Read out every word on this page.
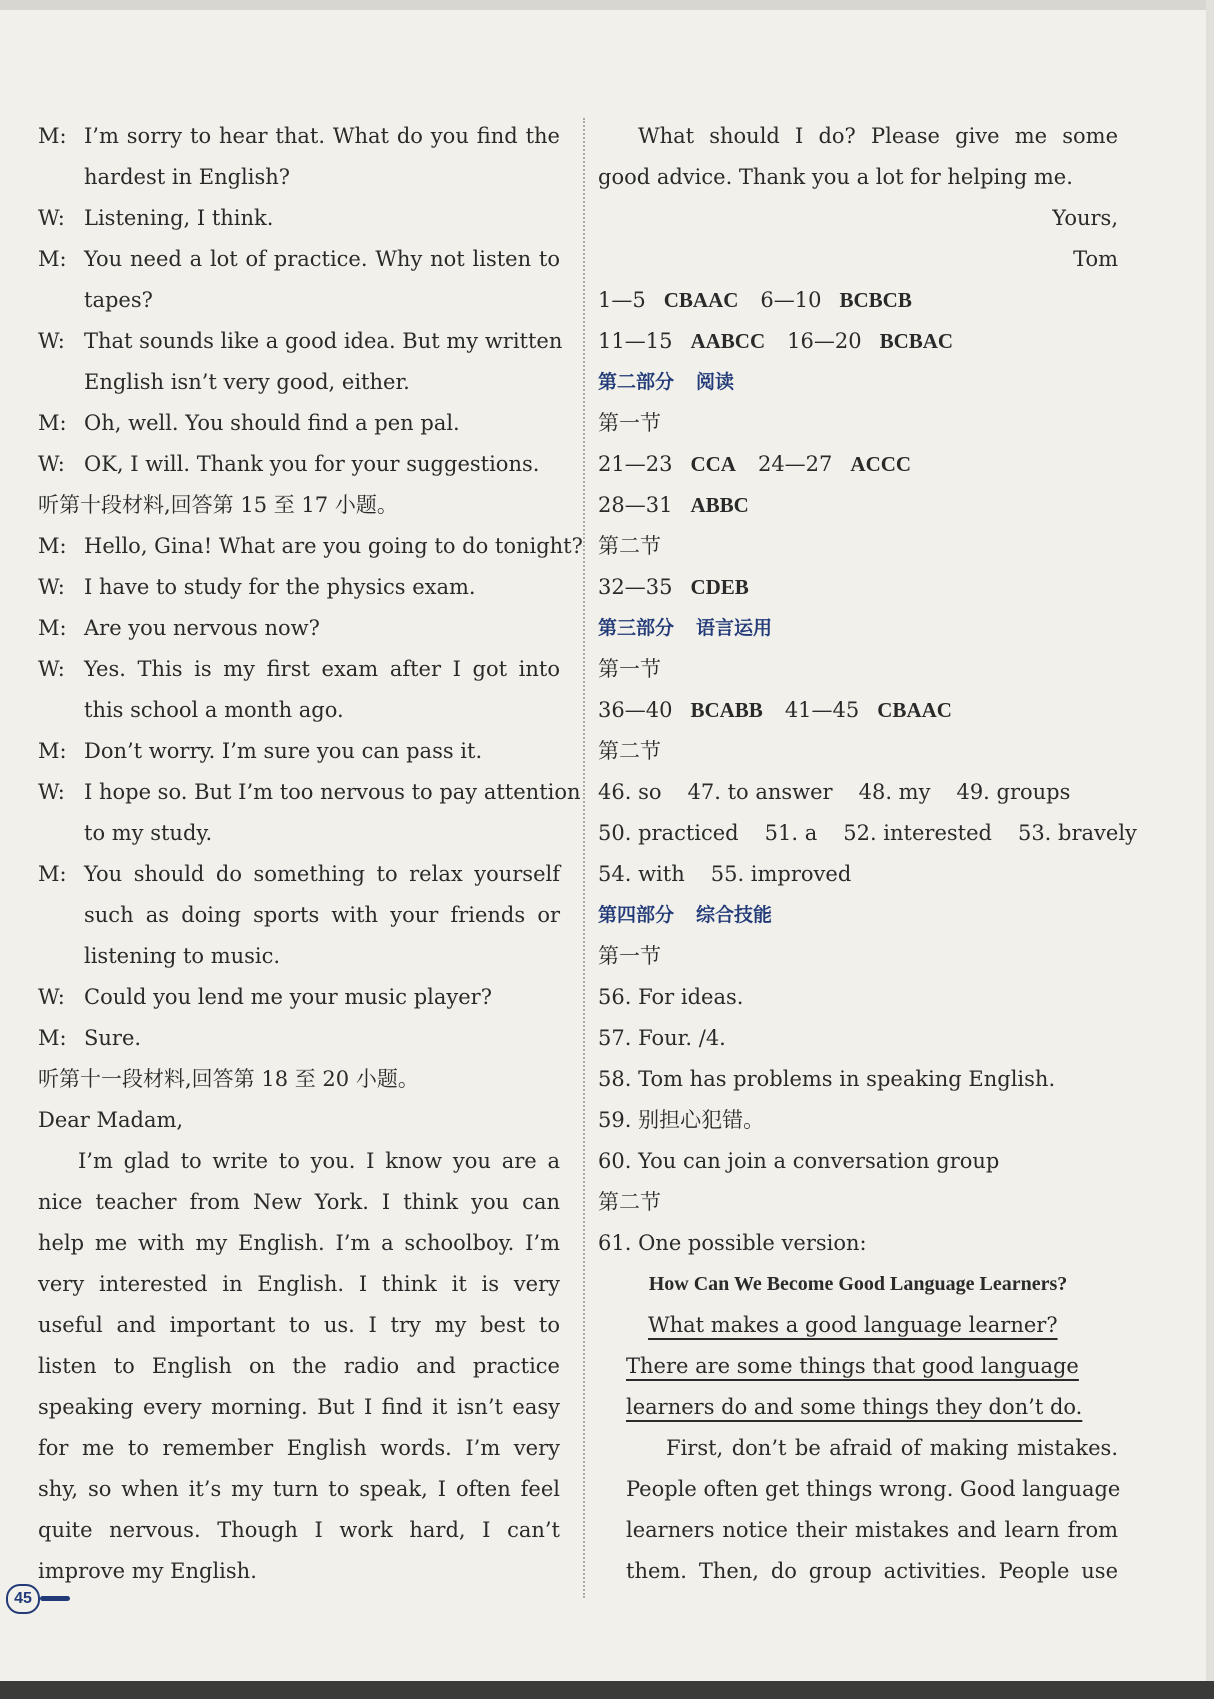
M: I’m sorry to hear that. What do you find the
hardest in English?
W: Listening, I think.
M: You need a lot of practice. Why not listen to
tapes?
W: That sounds like a good idea. But my written
English isn’t very good, either.
M: Oh, well. You should find a pen pal.
W: OK, I will. Thank you for your suggestions.
听第十段材料,回答第 15 至 17 小题。
M: Hello, Gina! What are you going to do tonight?
W: I have to study for the physics exam.
M: Are you nervous now?
W: Yes. This is my first exam after I got into
this school a month ago.
M: Don’t worry. I’m sure you can pass it.
W: I hope so. But I’m too nervous to pay attention
to my study.
M: You should do something to relax yourself
such as doing sports with your friends or
listening to music.
W: Could you lend me your music player?
M: Sure.
听第十一段材料,回答第 18 至 20 小题。
Dear Madam,
I’m glad to write to you. I know you are a
nice teacher from New York. I think you can
help me with my English. I’m a schoolboy. I’m
very interested in English. I think it is very
useful and important to us. I try my best to
listen to English on the radio and practice
speaking every morning. But I find it isn’t easy
for me to remember English words. I’m very
shy, so when it’s my turn to speak, I often feel
quite nervous. Though I work hard, I can’t
improve my English.
What should I do? Please give me some
good advice. Thank you a lot for helping me.
Yours,
Tom
1—5 CBAAC 6—10 BCBCB
11—15 AABCC 16—20 BCBAC
第二部分 阅读
第一节
21—23 CCA 24—27 ACCC
28—31 ABBC
第二节
32—35 CDEB
第三部分 语言运用
第一节
36—40 BCABB 41—45 CBAAC
第二节
46. so 47. to answer 48. my 49. groups
50. practiced 51. a 52. interested 53. bravely
54. with 55. improved
第四部分 综合技能
第一节
56. For ideas.
57. Four. /4.
58. Tom has problems in speaking English.
59. 别担心犯错。
60. You can join a conversation group
第二节
61. One possible version:
How Can We Become Good Language Learners?
What makes a good language learner?
There are some things that good language
learners do and some things they don’t do.
First, don’t be afraid of making mistakes.
People often get things wrong. Good language
learners notice their mistakes and learn from
them. Then, do group activities. People use
45
